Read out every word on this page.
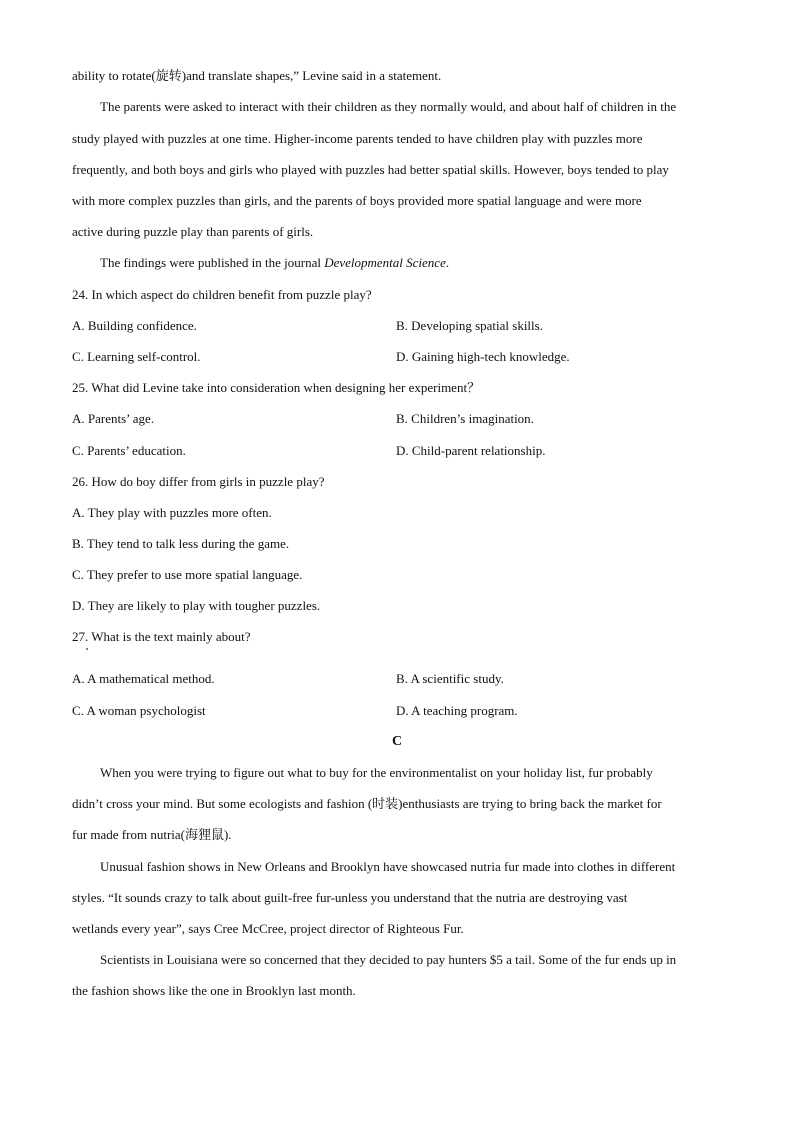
ability to rotate(旋转)and translate shapes,” Levine said in a statement.
The parents were asked to interact with their children as they normally would, and about half of children in the
study played with puzzles at one time. Higher-income parents tended to have children play with puzzles more
frequently, and both boys and girls who played with puzzles had better spatial skills. However, boys tended to play
with more complex puzzles than girls, and the parents of boys provided more spatial language and were more
active during puzzle play than parents of girls.
The findings were published in the journal Developmental Science.
24. In which aspect do children benefit from puzzle play?
A. Building confidence.	B. Developing spatial skills.
C. Learning self-control.	D. Gaining high-tech knowledge.
25. What did Levine take into consideration when designing her experiment？
A. Parents’ age.	B. Children’s imagination.
C. Parents’ education.	D. Child-parent relationship.
26. How do boy differ from girls in puzzle play?
A. They play with puzzles more often.
B. They tend to talk less during the game.
C. They prefer to use more spatial language.
D. They are likely to play with tougher puzzles.
27. What is the text mainly about?
A. A mathematical method.	B. A scientific study.
C. A woman psychologist	D. A teaching program.
C
When you were trying to figure out what to buy for the environmentalist on your holiday list, fur probably
didn’t cross your mind. But some ecologists and fashion (时装)enthusiasts are trying to bring back the market for
fur made from nutria(海狸鼠).
Unusual fashion shows in New Orleans and Brooklyn have showcased nutria fur made into clothes in different
styles. “It sounds crazy to talk about guilt-free fur-unless you understand that the nutria are destroying vast
wetlands every year”, says Cree McCree, project director of Righteous Fur.
Scientists in Louisiana were so concerned that they decided to pay hunters $5 a tail. Some of the fur ends up in
the fashion shows like the one in Brooklyn last month.
